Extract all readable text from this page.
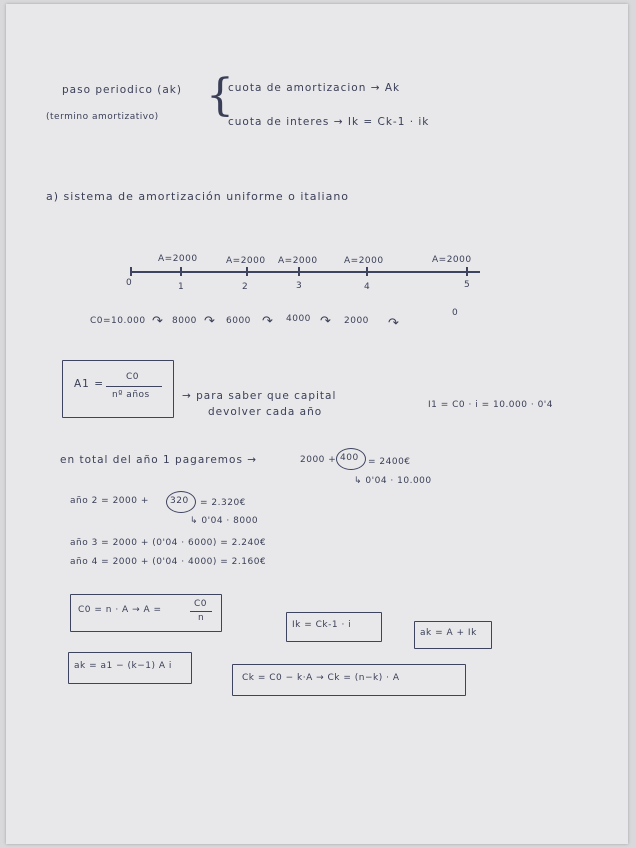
paso periodico (ak)
(termino amortizativo) {
cuota de amortizacion → Ak
cuota de interes → Ik = Ck-1 · ik
a) sistema de amortización uniforme o italiano
A=2000	A=2000 A=2000	A=2000	A=2000
0	1	2	3	4	5
C0=10.000 ↷ 8000 ↷ 6000 ↷ 4000 ↷ 2000 ↷
0
A1 =
C0
nº años	→ para saber que capital
devolver cada año
I1 = C0 · i = 10.000 · 0'4
en total del año 1 pagaremos →	2000 + 400 = 2400€
↳ 0'04 · 10.000
año 2 = 2000 + 320 = 2.320€
↳ 0'04 · 8000
año 3 = 2000 + (0'04 · 6000) = 2.240€
año 4 = 2000 + (0'04 · 4000) = 2.160€
C0 = n · A → A =
C0
n
Ik = Ck-1 · i
ak = A + Ik
ak = a1 − (k−1) A i
Ck = C0 − k·A → Ck = (n−k) · A
